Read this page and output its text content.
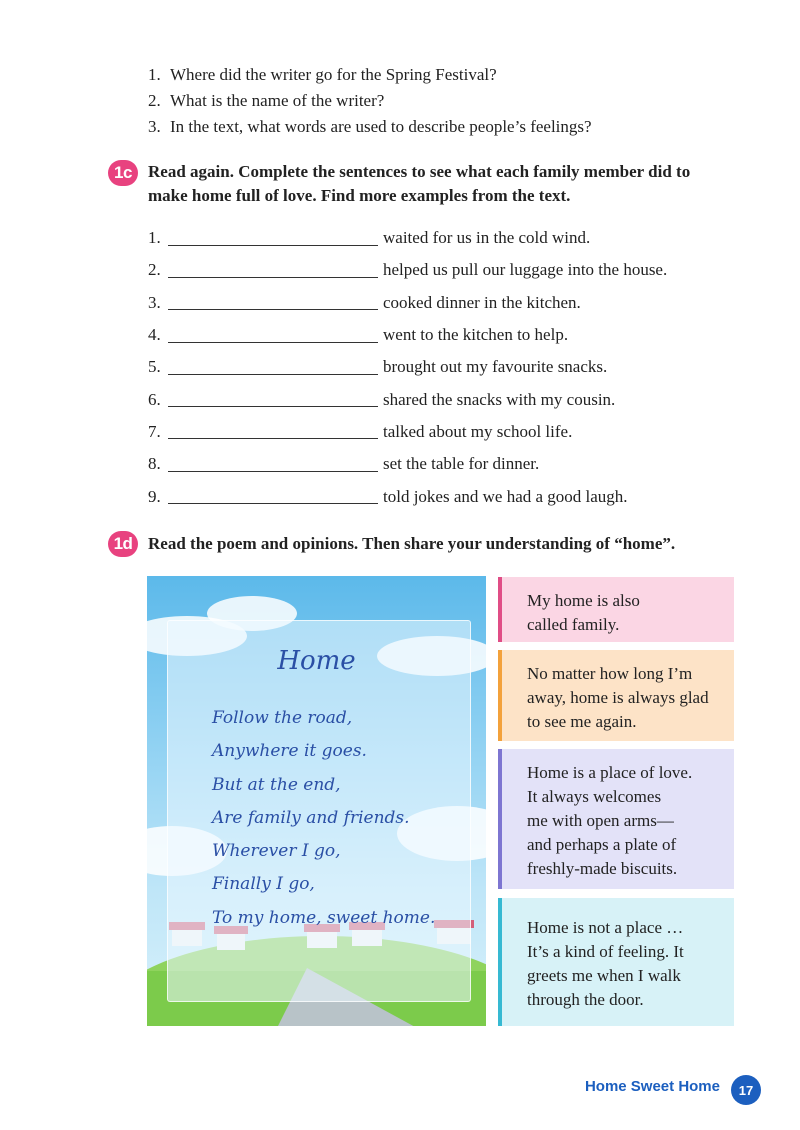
1. Where did the writer go for the Spring Festival?
2. What is the name of the writer?
3. In the text, what words are used to describe people’s feelings?
1c Read again. Complete the sentences to see what each family member did to
make home full of love. Find more examples from the text.
1.	waited for us in the cold wind.
2.	helped us pull our luggage into the house.
3.	cooked dinner in the kitchen.
4.	went to the kitchen to help.
5.	brought out my favourite snacks.
6.	shared the snacks with my cousin.
7.	talked about my school life.
8.	set the table for dinner.
9.	told jokes and we had a good laugh.
1d Read the poem and opinions. Then share your understanding of “home”.
Home
Follow the road,
Anywhere it goes.
But at the end,
Are family and friends.
Wherever I go,
Finally I go,
To my home, sweet home.
My home is also
called family.
No matter how long I’m
away, home is always glad
to see me again.
Home is a place of love.
It always welcomes
me with open arms—
and perhaps a plate of
freshly-made biscuits.
Home is not a place …
It’s a kind of feeling. It
greets me when I walk
through the door.
Home Sweet Home	17
